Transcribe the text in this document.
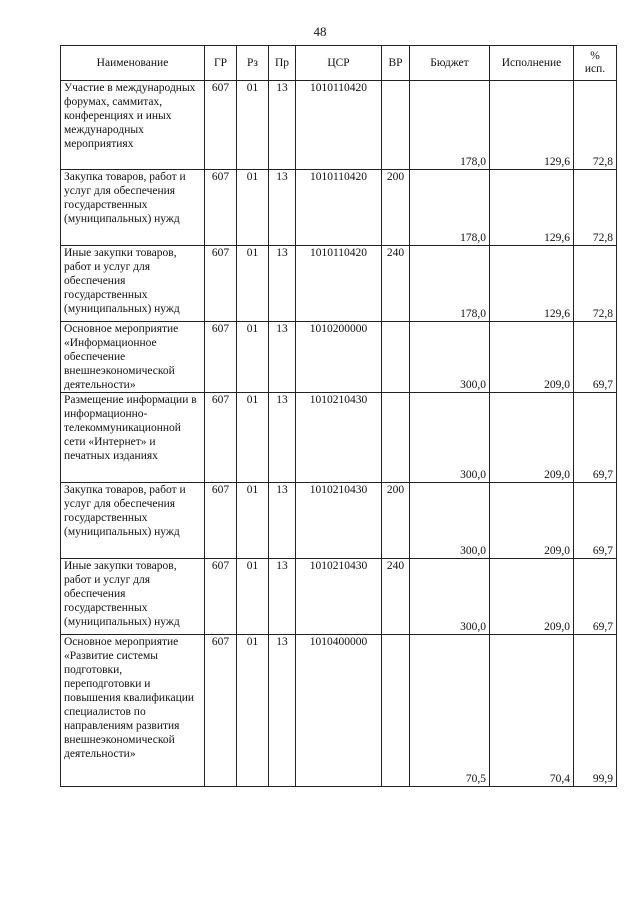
48
Наименование	ГР	Рз	Пр	ЦСР	ВР	Бюджет	Исполнение	%
исп.

Участие в международных форумах, саммитах, конференциях и иных международных мероприятиях	607	01	13	1010110420		178,0	129,6	72,8
Закупка товаров, работ и услуг для обеспечения государственных (муниципальных) нужд	607	01	13	1010110420	200	178,0	129,6	72,8
Иные закупки товаров, работ и услуг для обеспечения государственных (муниципальных) нужд	607	01	13	1010110420	240	178,0	129,6	72,8
Основное мероприятие «Информационное обеспечение внешнеэкономической деятельности»	607	01	13	1010200000		300,0	209,0	69,7
Размещение информации в информационно-телекоммуникационной сети «Интернет» и печатных изданиях	607	01	13	1010210430		300,0	209,0	69,7
Закупка товаров, работ и услуг для обеспечения государственных (муниципальных) нужд	607	01	13	1010210430	200	300,0	209,0	69,7
Иные закупки товаров, работ и услуг для обеспечения государственных (муниципальных) нужд	607	01	13	1010210430	240	300,0	209,0	69,7
Основное мероприятие «Развитие системы подготовки, переподготовки и повышения квалификации специалистов по направлениям развития внешнеэкономической деятельности»	607	01	13	1010400000		70,5	70,4	99,9
